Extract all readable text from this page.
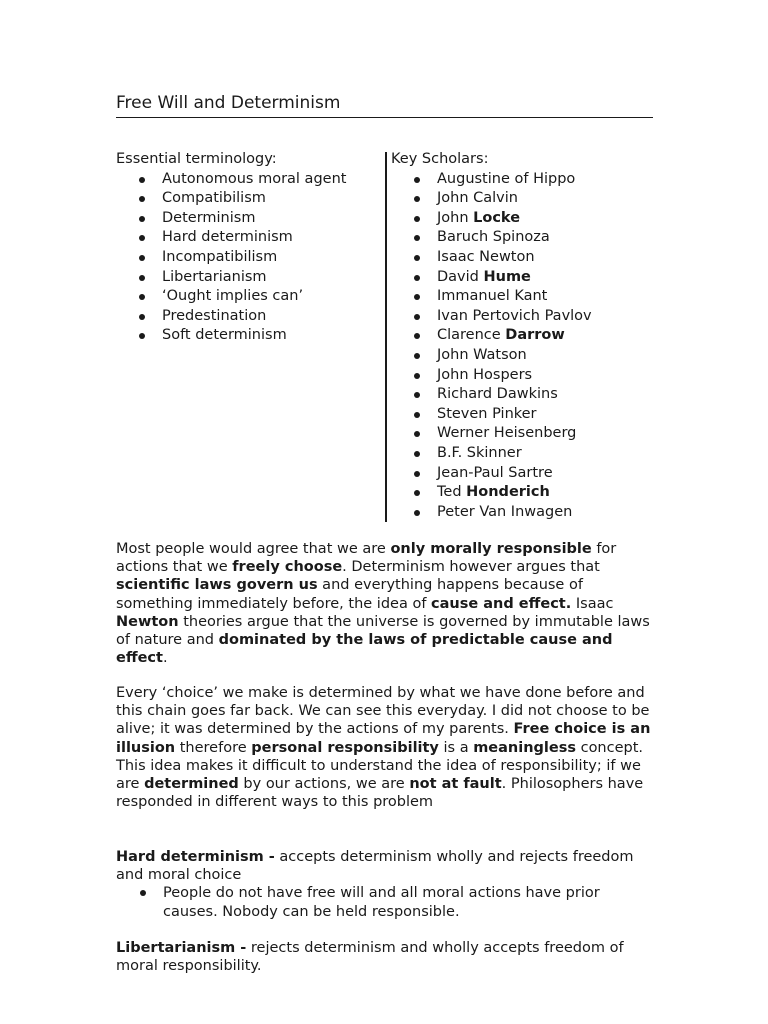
Free Will and Determinism
Essential terminology:
Autonomous moral agent
Compatibilism
Determinism
Hard determinism
Incompatibilism
Libertarianism
‘Ought implies can’
Predestination
Soft determinism
Key Scholars:
Augustine of Hippo
John Calvin
John Locke
Baruch Spinoza
Isaac Newton
David Hume
Immanuel Kant
Ivan Pertovich Pavlov
Clarence Darrow
John Watson
John Hospers
Richard Dawkins
Steven Pinker
Werner Heisenberg
B.F. Skinner
Jean-Paul Sartre
Ted Honderich
Peter Van Inwagen

Most people would agree that we are only morally responsible for actions that we freely choose. Determinism however argues that scientific laws govern us and everything happens because of something immediately before, the idea of cause and effect. Isaac Newton theories argue that the universe is governed by immutable laws of nature and dominated by the laws of predictable cause and effect.

Every ‘choice’ we make is determined by what we have done before and this chain goes far back. We can see this everyday. I did not choose to be alive; it was determined by the actions of my parents. Free choice is an illusion therefore personal responsibility is a meaningless concept. This idea makes it difficult to understand the idea of responsibility; if we are determined by our actions, we are not at fault. Philosophers have responded in different ways to this problem

Hard determinism - accepts determinism wholly and rejects freedom and moral choice

People do not have free will and all moral actions have prior causes. Nobody can be held responsible.

Libertarianism - rejects determinism and wholly accepts freedom of moral responsibility.
